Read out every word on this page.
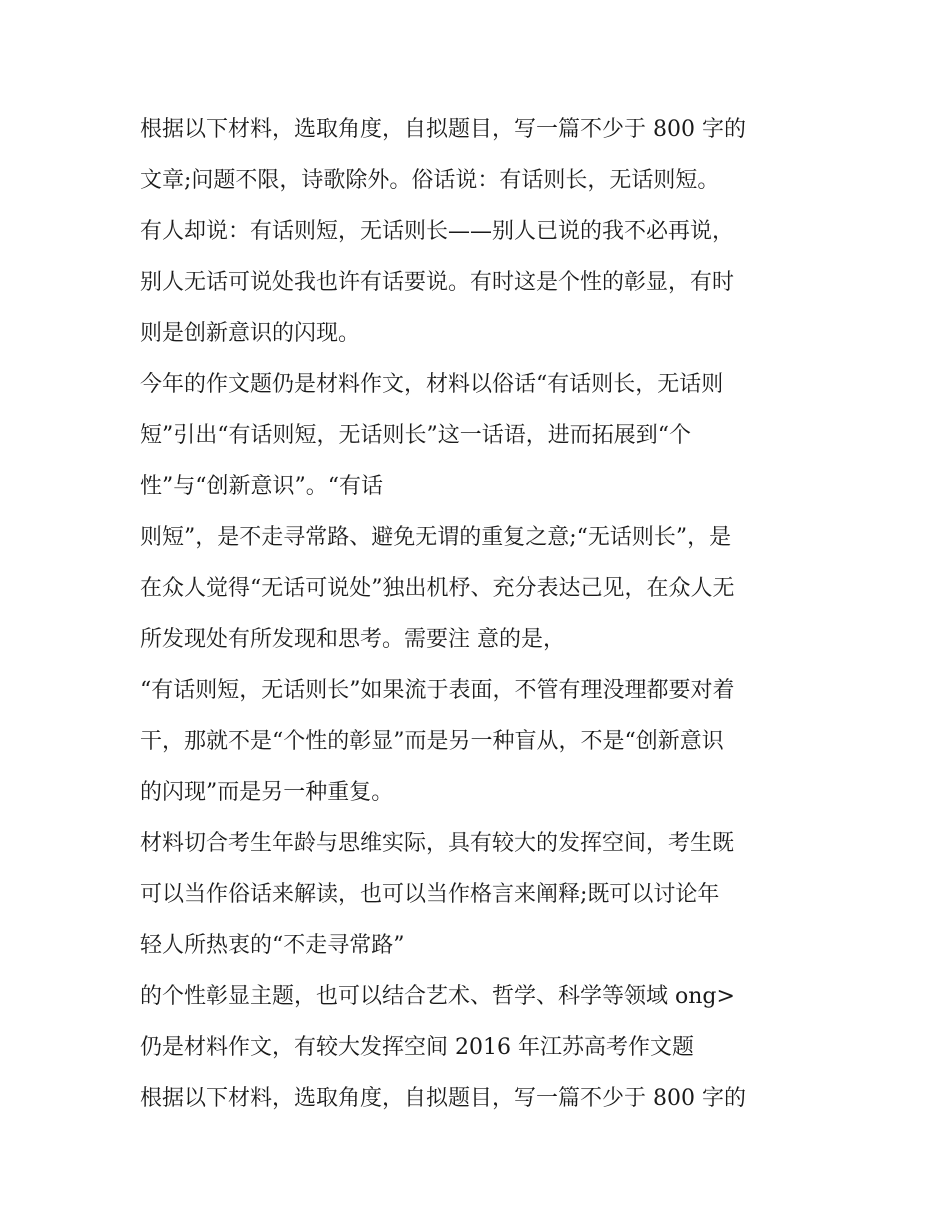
根据以下材料，选取角度，自拟题目，写一篇不少于 800 字的
文章;问题不限，诗歌除外。俗话说：有话则长，无话则短。
有人却说：有话则短，无话则长——别人已说的我不必再说，
别人无话可说处我也许有话要说。有时这是个性的彰显，有时
则是创新意识的闪现。
今年的作文题仍是材料作文，材料以俗话“有话则长，无话则
短”引出“有话则短，无话则长”这一话语，进而拓展到“个
性”与“创新意识”。“有话
则短”，是不走寻常路、避免无谓的重复之意;“无话则长”，是
在众人觉得“无话可说处”独出机杼、充分表达己见，在众人无
所发现处有所发现和思考。需要注 意的是，
“有话则短，无话则长”如果流于表面，不管有理没理都要对着
干，那就不是“个性的彰显”而是另一种盲从，不是“创新意识
的闪现”而是另一种重复。
材料切合考生年龄与思维实际，具有较大的发挥空间，考生既
可以当作俗话来解读，也可以当作格言来阐释;既可以讨论年
轻人所热衷的“不走寻常路”
的个性彰显主题，也可以结合艺术、哲学、科学等领域 ong>
仍是材料作文，有较大发挥空间 2016 年江苏高考作文题
根据以下材料，选取角度，自拟题目，写一篇不少于 800 字的
